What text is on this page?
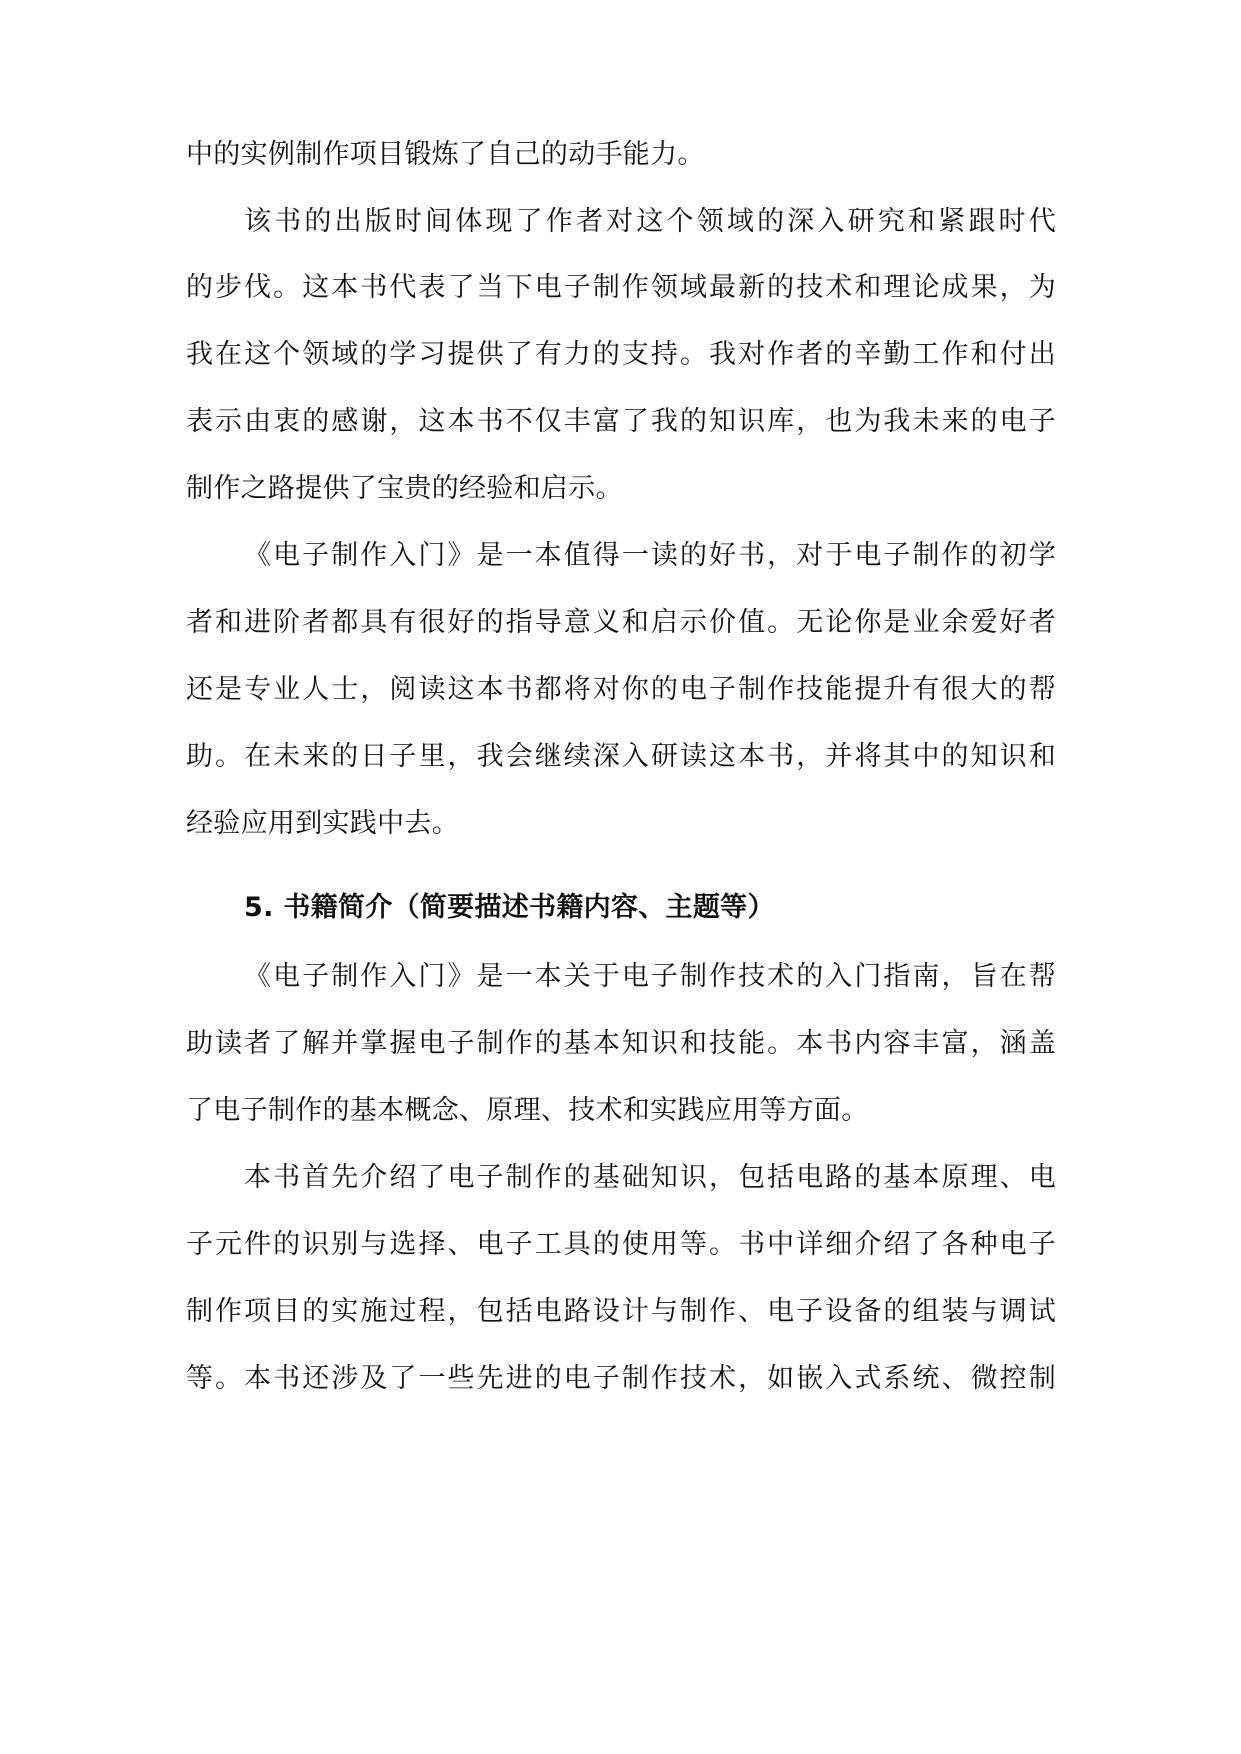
中的实例制作项目锻炼了自己的动手能力。
该书的出版时间体现了作者对这个领域的深入研究和紧跟时代
的步伐。这本书代表了当下电子制作领域最新的技术和理论成果，为
我在这个领域的学习提供了有力的支持。我对作者的辛勤工作和付出
表示由衷的感谢，这本书不仅丰富了我的知识库，也为我未来的电子
制作之路提供了宝贵的经验和启示。
《电子制作入门》是一本值得一读的好书，对于电子制作的初学
者和进阶者都具有很好的指导意义和启示价值。无论你是业余爱好者
还是专业人士，阅读这本书都将对你的电子制作技能提升有很大的帮
助。在未来的日子里，我会继续深入研读这本书，并将其中的知识和
经验应用到实践中去。
5. 书籍简介（简要描述书籍内容、主题等）
《电子制作入门》是一本关于电子制作技术的入门指南，旨在帮
助读者了解并掌握电子制作的基本知识和技能。本书内容丰富，涵盖
了电子制作的基本概念、原理、技术和实践应用等方面。
本书首先介绍了电子制作的基础知识，包括电路的基本原理、电
子元件的识别与选择、电子工具的使用等。书中详细介绍了各种电子
制作项目的实施过程，包括电路设计与制作、电子设备的组装与调试
等。本书还涉及了一些先进的电子制作技术，如嵌入式系统、微控制
